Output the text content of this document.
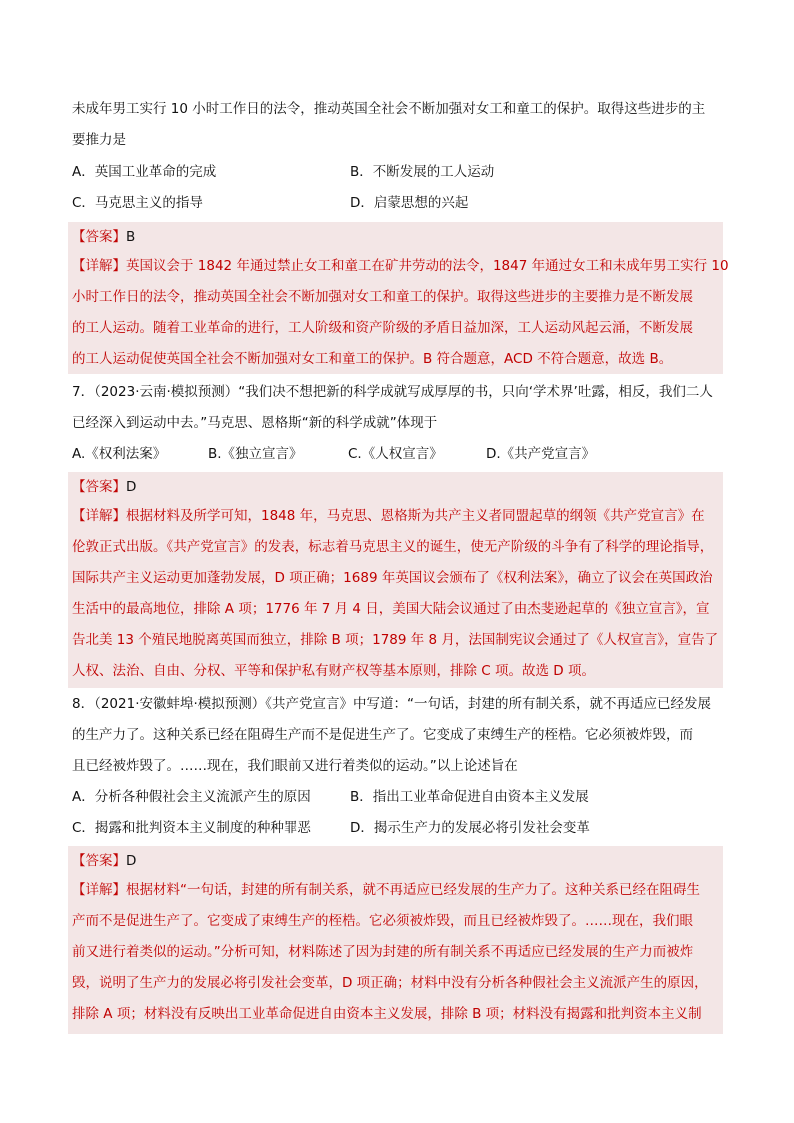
未成年男工实行 10 小时工作日的法令，推动英国全社会不断加强对女工和童工的保护。取得这些进步的主
要推力是
A．英国工业革命的完成	B．不断发展的工人运动
C．马克思主义的指导	D．启蒙思想的兴起
【答案】B
【详解】英国议会于 1842 年通过禁止女工和童工在矿井劳动的法令，1847 年通过女工和未成年男工实行 10
小时工作日的法令，推动英国全社会不断加强对女工和童工的保护。取得这些进步的主要推力是不断发展
的工人运动。随着工业革命的进行，工人阶级和资产阶级的矛盾日益加深，工人运动风起云涌，不断发展
的工人运动促使英国全社会不断加强对女工和童工的保护。B 符合题意，ACD 不符合题意，故选 B。
7．（2023·云南·模拟预测）“我们决不想把新的科学成就写成厚厚的书，只向‘学术界’吐露，相反，我们二人
已经深入到运动中去。”马克思、恩格斯“新的科学成就”体现于
A.《权利法案》	B.《独立宣言》	C.《人权宣言》	D.《共产党宣言》
【答案】D
【详解】根据材料及所学可知，1848 年，马克思、恩格斯为共产主义者同盟起草的纲领《共产党宣言》在
伦敦正式出版。《共产党宣言》的发表，标志着马克思主义的诞生，使无产阶级的斗争有了科学的理论指导，
国际共产主义运动更加蓬勃发展，D 项正确；1689 年英国议会颁布了《权利法案》，确立了议会在英国政治
生活中的最高地位，排除 A 项；1776 年 7 月 4 日，美国大陆会议通过了由杰斐逊起草的《独立宣言》，宣
告北美 13 个殖民地脱离英国而独立，排除 B 项；1789 年 8 月，法国制宪议会通过了《人权宣言》，宣告了
人权、法治、自由、分权、平等和保护私有财产权等基本原则，排除 C 项。故选 D 项。
8．（2021·安徽蚌埠·模拟预测）《共产党宣言》中写道：“一句话，封建的所有制关系，就不再适应已经发展
的生产力了。这种关系已经在阻碍生产而不是促进生产了。它变成了束缚生产的桎梏。它必须被炸毁，而
且已经被炸毁了。……现在，我们眼前又进行着类似的运动。”以上论述旨在
A．分析各种假社会主义流派产生的原因	B．指出工业革命促进自由资本主义发展
C．揭露和批判资本主义制度的种种罪恶	D．揭示生产力的发展必将引发社会变革
【答案】D
【详解】根据材料“一句话，封建的所有制关系，就不再适应已经发展的生产力了。这种关系已经在阻碍生
产而不是促进生产了。它变成了束缚生产的桎梏。它必须被炸毁，而且已经被炸毁了。……现在，我们眼
前又进行着类似的运动。”分析可知，材料陈述了因为封建的所有制关系不再适应已经发展的生产力而被炸
毁，说明了生产力的发展必将引发社会变革，D 项正确；材料中没有分析各种假社会主义流派产生的原因，
排除 A 项；材料没有反映出工业革命促进自由资本主义发展，排除 B 项；材料没有揭露和批判资本主义制
